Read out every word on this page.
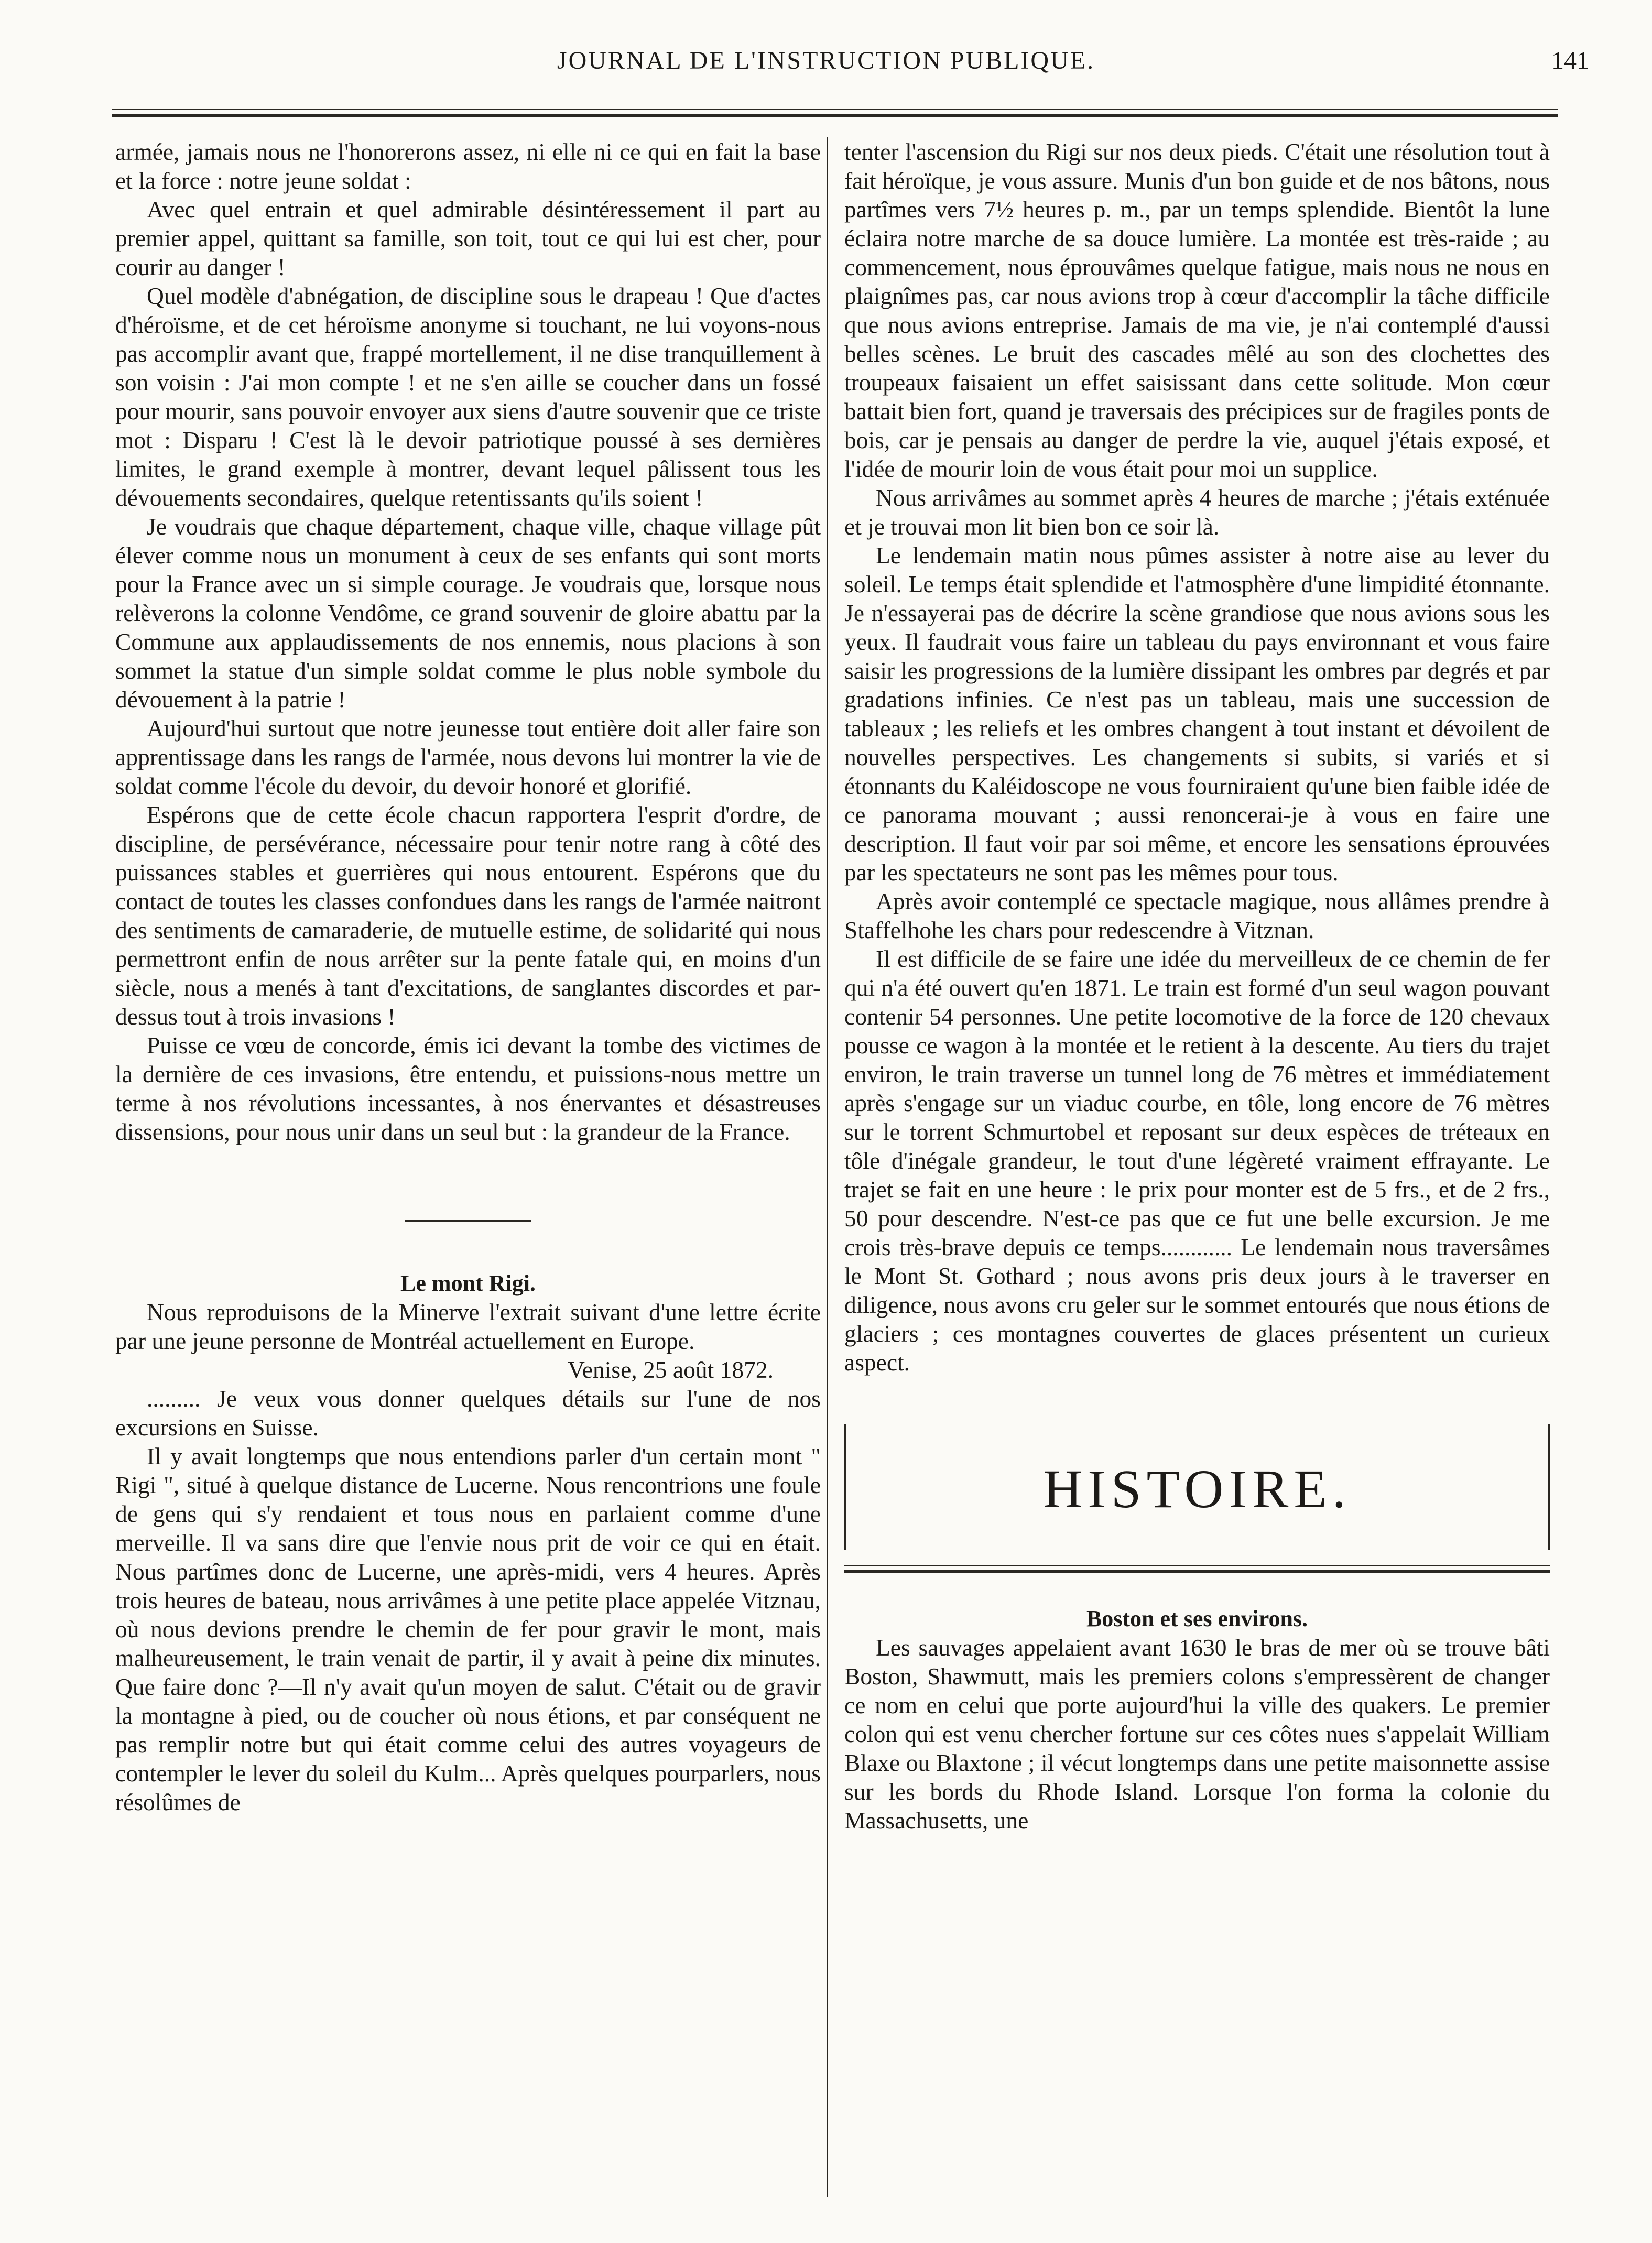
JOURNAL DE L'INSTRUCTION PUBLIQUE.	141

armée, jamais nous ne l'honorerons assez, ni elle ni ce qui en fait la base et la force : notre jeune soldat :

Avec quel entrain et quel admirable désintéressement il part au premier appel, quittant sa famille, son toit, tout ce qui lui est cher, pour courir au danger !

Quel modèle d'abnégation, de discipline sous le drapeau ! Que d'actes d'héroïsme, et de cet héroïsme anonyme si touchant, ne lui voyons-nous pas accomplir avant que, frappé mortellement, il ne dise tranquillement à son voisin : J'ai mon compte ! et ne s'en aille se coucher dans un fossé pour mourir, sans pouvoir envoyer aux siens d'autre souvenir que ce triste mot : Disparu ! C'est là le devoir patriotique poussé à ses dernières limites, le grand exemple à montrer, devant lequel pâlissent tous les dévouements secondaires, quelque retentissants qu'ils soient !

Je voudrais que chaque département, chaque ville, chaque village pût élever comme nous un monument à ceux de ses enfants qui sont morts pour la France avec un si simple courage. Je voudrais que, lorsque nous relèverons la colonne Vendôme, ce grand souvenir de gloire abattu par la Commune aux applaudissements de nos ennemis, nous placions à son sommet la statue d'un simple soldat comme le plus noble symbole du dévouement à la patrie !

Aujourd'hui surtout que notre jeunesse tout entière doit aller faire son apprentissage dans les rangs de l'armée, nous devons lui montrer la vie de soldat comme l'école du devoir, du devoir honoré et glorifié.

Espérons que de cette école chacun rapportera l'esprit d'ordre, de discipline, de persévérance, nécessaire pour tenir notre rang à côté des puissances stables et guerrières qui nous entourent. Espérons que du contact de toutes les classes confondues dans les rangs de l'armée naitront des sentiments de camaraderie, de mutuelle estime, de solidarité qui nous permettront enfin de nous arrêter sur la pente fatale qui, en moins d'un siècle, nous a menés à tant d'excitations, de sanglantes discordes et par-dessus tout à trois invasions !

Puisse ce vœu de concorde, émis ici devant la tombe des victimes de la dernière de ces invasions, être entendu, et puissions-nous mettre un terme à nos révolutions incessantes, à nos énervantes et désastreuses dissensions, pour nous unir dans un seul but : la grandeur de la France.

Le mont Rigi.

Nous reproduisons de la Minerve l'extrait suivant d'une lettre écrite par une jeune personne de Montréal actuellement en Europe.

Venise, 25 août 1872.

......... Je veux vous donner quelques détails sur l'une de nos excursions en Suisse.

Il y avait longtemps que nous entendions parler d'un certain mont " Rigi ", situé à quelque distance de Lucerne. Nous rencontrions une foule de gens qui s'y rendaient et tous nous en parlaient comme d'une merveille. Il va sans dire que l'envie nous prit de voir ce qui en était. Nous partîmes donc de Lucerne, une après-midi, vers 4 heures. Après trois heures de bateau, nous arrivâmes à une petite place appelée Vitznau, où nous devions prendre le chemin de fer pour gravir le mont, mais malheureusement, le train venait de partir, il y avait à peine dix minutes. Que faire donc ?—Il n'y avait qu'un moyen de salut. C'était ou de gravir la montagne à pied, ou de coucher où nous étions, et par conséquent ne pas remplir notre but qui était comme celui des autres voyageurs de contempler le lever du soleil du Kulm... Après quelques pourparlers, nous résolûmes de

tenter l'ascension du Rigi sur nos deux pieds. C'était une résolution tout à fait héroïque, je vous assure. Munis d'un bon guide et de nos bâtons, nous partîmes vers 7½ heures p. m., par un temps splendide. Bientôt la lune éclaira notre marche de sa douce lumière. La montée est très-raide ; au commencement, nous éprouvâmes quelque fatigue, mais nous ne nous en plaignîmes pas, car nous avions trop à cœur d'accomplir la tâche difficile que nous avions entreprise. Jamais de ma vie, je n'ai contemplé d'aussi belles scènes. Le bruit des cascades mêlé au son des clochettes des troupeaux faisaient un effet saisissant dans cette solitude. Mon cœur battait bien fort, quand je traversais des précipices sur de fragiles ponts de bois, car je pensais au danger de perdre la vie, auquel j'étais exposé, et l'idée de mourir loin de vous était pour moi un supplice.

Nous arrivâmes au sommet après 4 heures de marche ; j'étais exténuée et je trouvai mon lit bien bon ce soir là.

Le lendemain matin nous pûmes assister à notre aise au lever du soleil. Le temps était splendide et l'atmosphère d'une limpidité étonnante. Je n'essayerai pas de décrire la scène grandiose que nous avions sous les yeux. Il faudrait vous faire un tableau du pays environnant et vous faire saisir les progressions de la lumière dissipant les ombres par degrés et par gradations infinies. Ce n'est pas un tableau, mais une succession de tableaux ; les reliefs et les ombres changent à tout instant et dévoilent de nouvelles perspectives. Les changements si subits, si variés et si étonnants du Kaléidoscope ne vous fourniraient qu'une bien faible idée de ce panorama mouvant ; aussi renoncerai-je à vous en faire une description. Il faut voir par soi même, et encore les sensations éprouvées par les spectateurs ne sont pas les mêmes pour tous.

Après avoir contemplé ce spectacle magique, nous allâmes prendre à Staffelhohe les chars pour redescendre à Vitznan.

Il est difficile de se faire une idée du merveilleux de ce chemin de fer qui n'a été ouvert qu'en 1871. Le train est formé d'un seul wagon pouvant contenir 54 personnes. Une petite locomotive de la force de 120 chevaux pousse ce wagon à la montée et le retient à la descente. Au tiers du trajet environ, le train traverse un tunnel long de 76 mètres et immédiatement après s'engage sur un viaduc courbe, en tôle, long encore de 76 mètres sur le torrent Schmurtobel et reposant sur deux espèces de tréteaux en tôle d'inégale grandeur, le tout d'une légèreté vraiment effrayante. Le trajet se fait en une heure : le prix pour monter est de 5 frs., et de 2 frs., 50 pour descendre. N'est-ce pas que ce fut une belle excursion. Je me crois très-brave depuis ce temps............ Le lendemain nous traversâmes le Mont St. Gothard ; nous avons pris deux jours à le traverser en diligence, nous avons cru geler sur le sommet entourés que nous étions de glaciers ; ces montagnes couvertes de glaces présentent un curieux aspect.

HISTOIRE.

Boston et ses environs.

Les sauvages appelaient avant 1630 le bras de mer où se trouve bâti Boston, Shawmutt, mais les premiers colons s'empressèrent de changer ce nom en celui que porte aujourd'hui la ville des quakers. Le premier colon qui est venu chercher fortune sur ces côtes nues s'appelait William Blaxe ou Blaxtone ; il vécut longtemps dans une petite maisonnette assise sur les bords du Rhode Island. Lorsque l'on forma la colonie du Massachusetts, une
